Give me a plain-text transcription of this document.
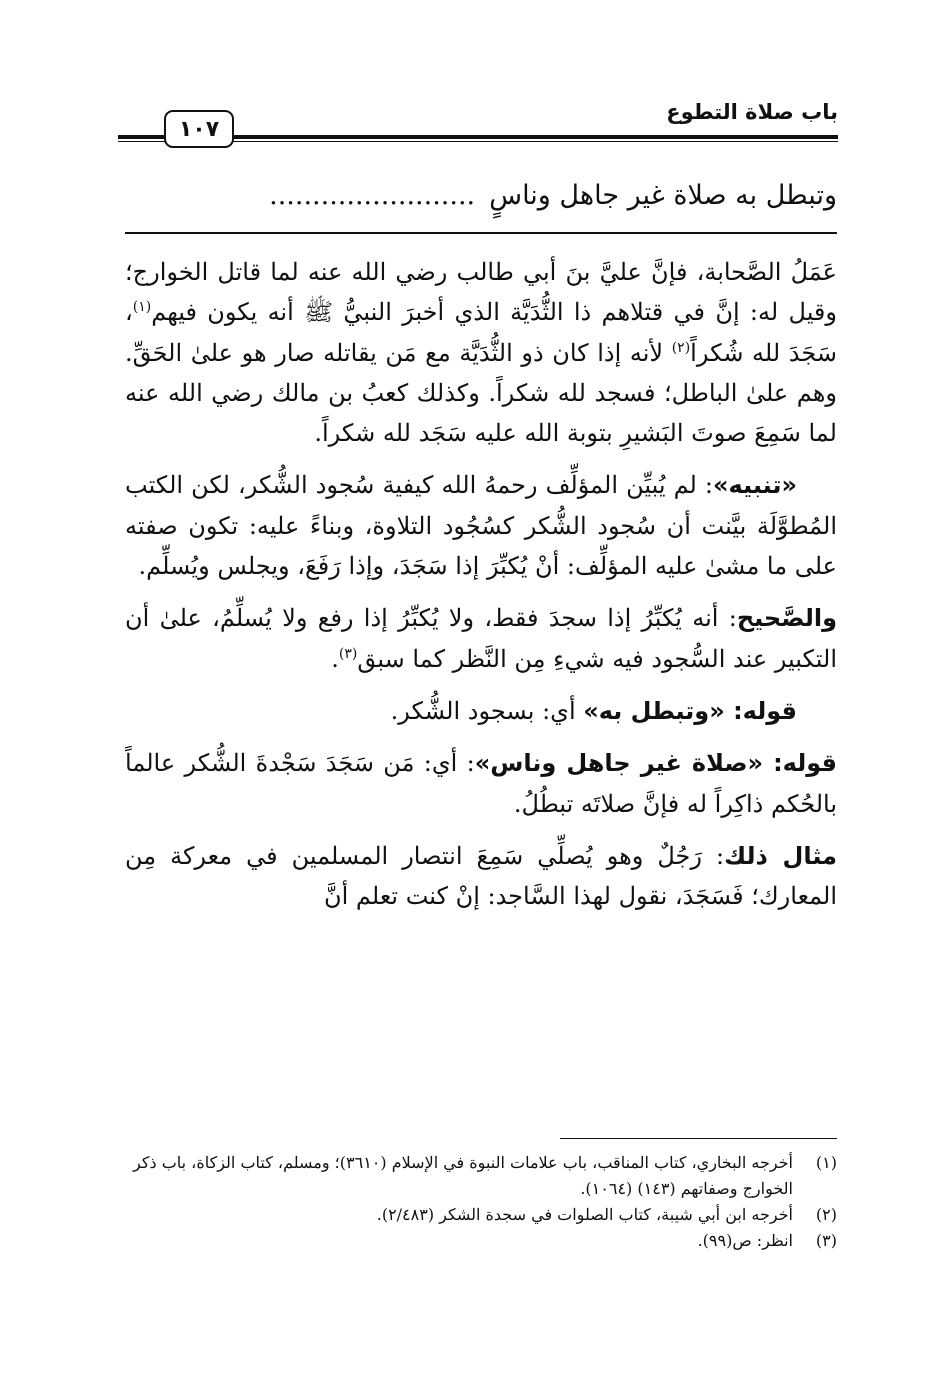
باب صلاة التطوع
١٠٧
وتبطل به صلاة غير جاهل وناسٍ........................

عَمَلُ الصَّحابة، فإنَّ عليَّ بنَ أبي طالب رضي الله عنه لما قاتل الخوارج؛ وقيل له: إنَّ في قتلاهم ذا الثُّدَيَّة الذي أخبرَ النبيُّ ﷺ أنه يكون فيهم$^{(١)}$، سَجَدَ لله شُكراً$^{(٢)}$ لأنه إذا كان ذو الثُّدَيَّة مع مَن يقاتله صار هو علىٰ الحَقِّ. وهم علىٰ الباطل؛ فسجد لله شكراً. وكذلك كعبُ بن مالك رضي الله عنه لما سَمِعَ صوتَ البَشيرِ بتوبة الله عليه سَجَد لله شكراً.

«تنبيه»: لم يُبيِّن المؤلِّف رحمهُ الله كيفية سُجود الشُّكر، لكن الكتب المُطوَّلَة بيَّنت أن سُجود الشُّكر كسُجُود التلاوة، وبناءً عليه: تكون صفته على ما مشىٰ عليه المؤلِّف: أنْ يُكبِّرَ إذا سَجَدَ، وإذا رَفَعَ، ويجلس ويُسلِّم.

والصَّحيح: أنه يُكبِّرُ إذا سجدَ فقط، ولا يُكبِّرُ إذا رفع ولا يُسلِّمُ، علىٰ أن التكبير عند السُّجود فيه شيءِ مِن النَّظر كما سبق$^{(٣)}$.

قوله: «وتبطل به» أي: بسجود الشُّكر.

قوله: «صلاة غير جاهل وناس»: أي: مَن سَجَدَ سَجْدةَ الشُّكر عالماً بالحُكم ذاكِراً له فإنَّ صلاتَه تبطُلُ.

مثال ذلك: رَجُلٌ وهو يُصلِّي سَمِعَ انتصار المسلمين في معركة مِن المعارك؛ فَسَجَدَ، نقول لهذا السَّاجد: إنْ كنت تعلم أنَّ

(١)
أخرجه البخاري، كتاب المناقب، باب علامات النبوة في الإسلام (٣٦١٠)؛ ومسلم، كتاب الزكاة، باب ذكر الخوارج وصفاتهم (١٤٣) (١٠٦٤).
(٢)
أخرجه ابن أبي شيبة، كتاب الصلوات في سجدة الشكر (٢/٤٨٣).
(٣)
انظر: ص(٩٩).
